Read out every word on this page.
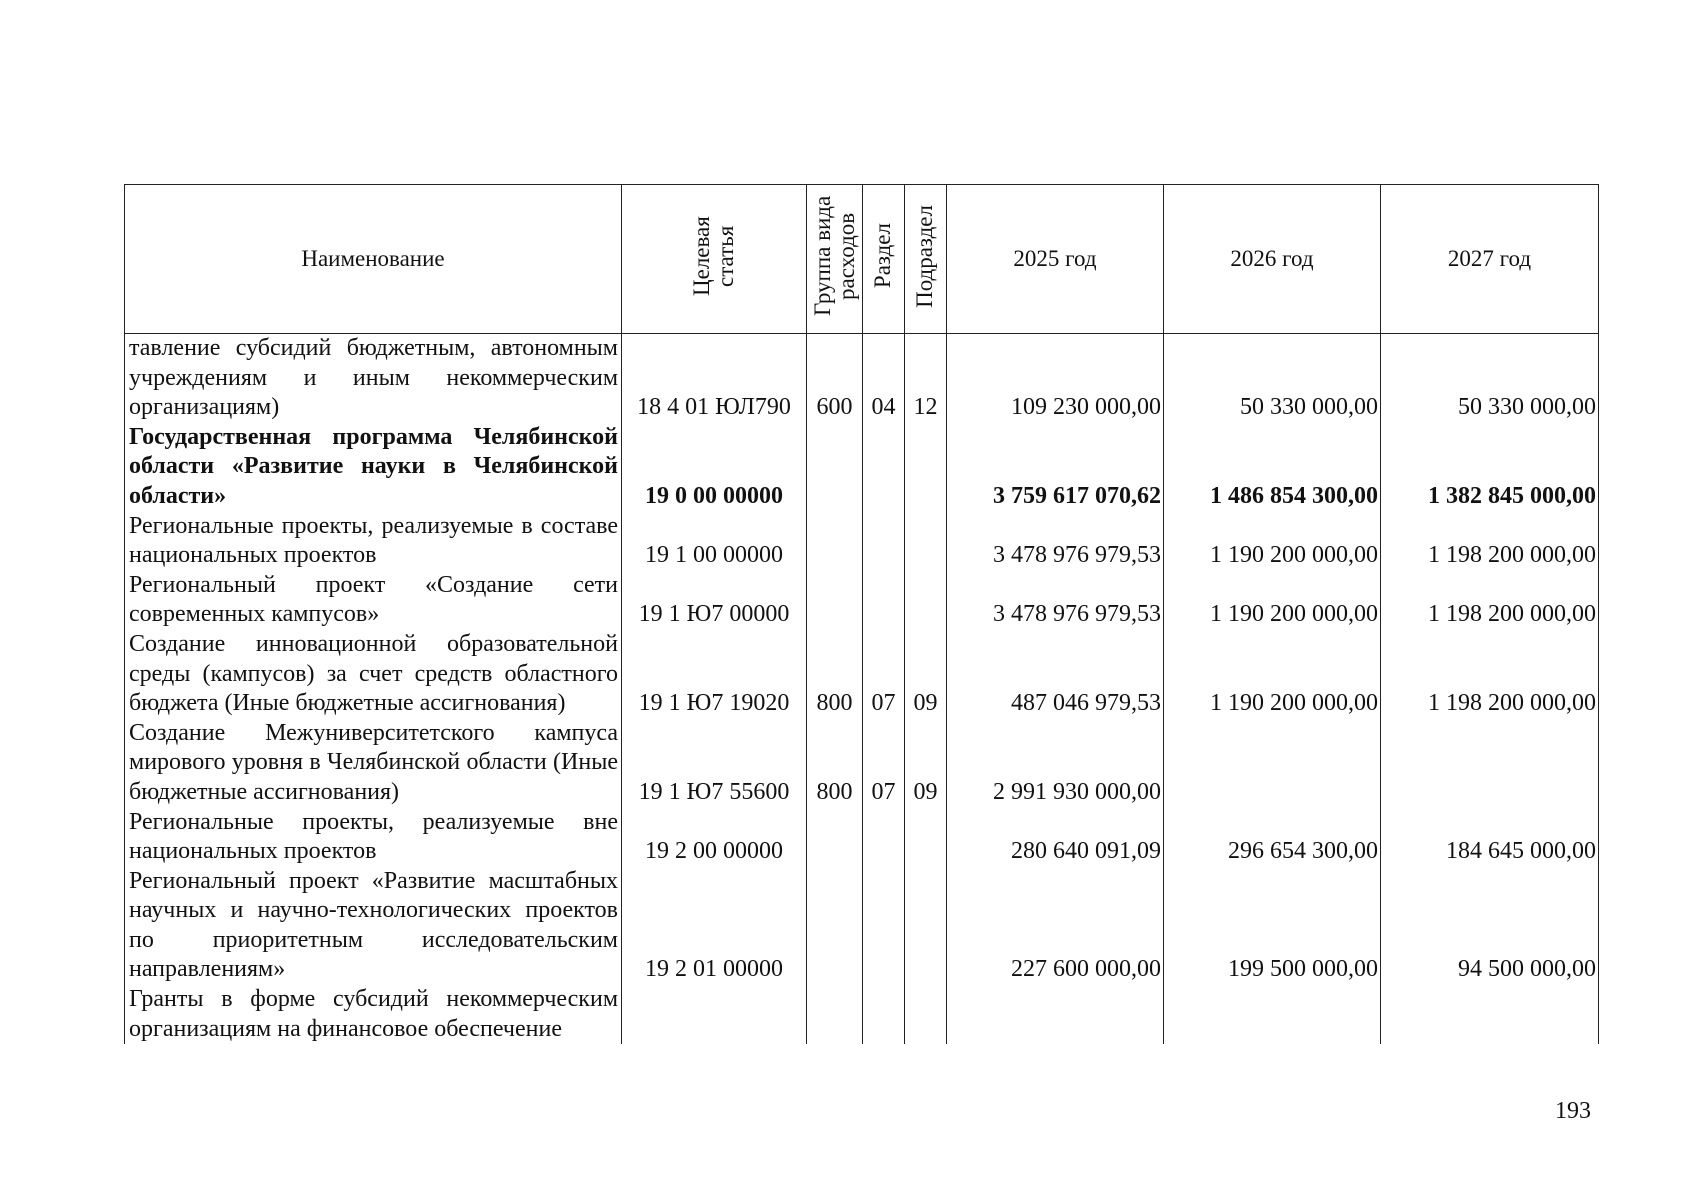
Наименование	Целевая статья	Группа вида расходов	Раздел	Подраздел	2025 год	2026 год	2027 год
тавление субсидий бюджетным, автономным учреждениям и иным некоммерческим организациям)	18 4 01 ЮЛ790	600	04	12	109 230 000,00	50 330 000,00	50 330 000,00
Государственная программа Челябинской области «Развитие науки в Челябинской области»	19 0 00 00000				3 759 617 070,62	1 486 854 300,00	1 382 845 000,00
Региональные проекты, реализуемые в составе национальных проектов	19 1 00 00000				3 478 976 979,53	1 190 200 000,00	1 198 200 000,00
Региональный проект «Создание сети современных кампусов»	19 1 Ю7 00000				3 478 976 979,53	1 190 200 000,00	1 198 200 000,00
Создание инновационной образовательной среды (кампусов) за счет средств областного бюджета (Иные бюджетные ассигнования)	19 1 Ю7 19020	800	07	09	487 046 979,53	1 190 200 000,00	1 198 200 000,00
Создание Межуниверситетского кампуса мирового уровня в Челябинской области (Иные бюджетные ассигнования)	19 1 Ю7 55600	800	07	09	2 991 930 000,00		
Региональные проекты, реализуемые вне национальных проектов	19 2 00 00000				280 640 091,09	296 654 300,00	184 645 000,00
Региональный проект «Развитие масштабных научных и научно-технологических проектов по приоритетным исследовательским направлениям»	19 2 01 00000				227 600 000,00	199 500 000,00	94 500 000,00
Гранты в форме субсидий некоммерческим организациям на финансовое обеспечение							
193
